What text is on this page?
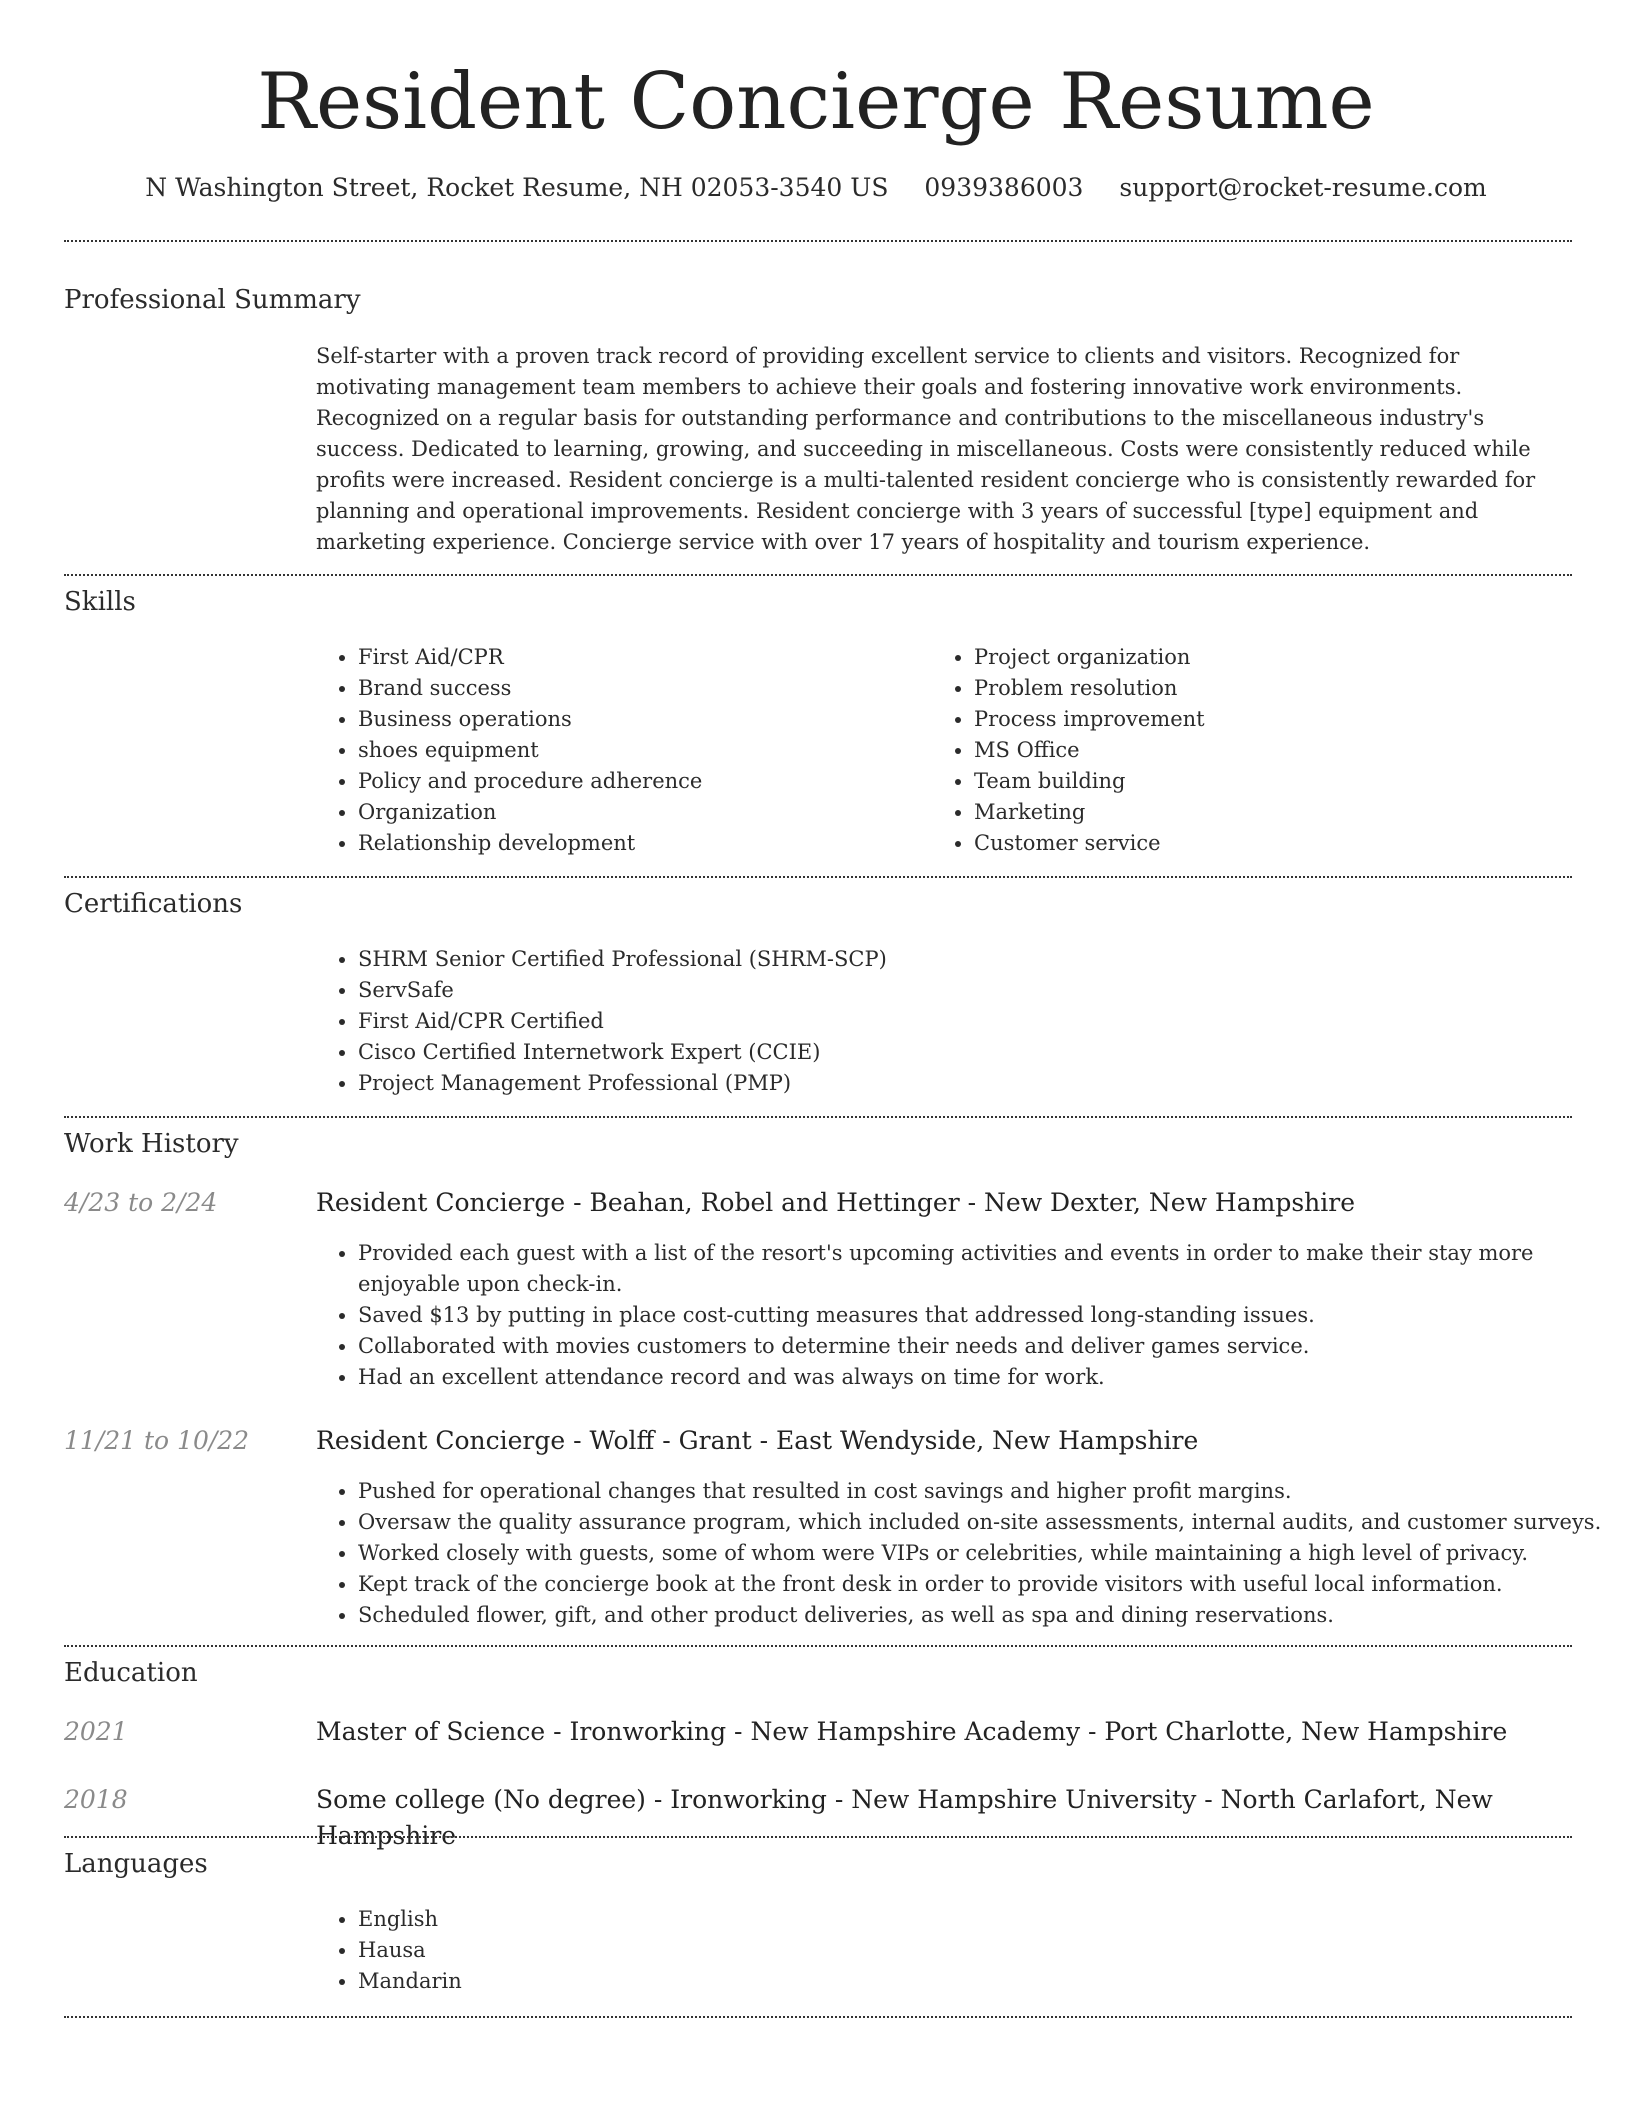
Resident Concierge Resume
N Washington Street, Rocket Resume, NH 02053-3540 US 0939386003 support@rocket-resume.com
Professional Summary

Self-starter with a proven track record of providing excellent service to clients and visitors. Recognized for motivating management team members to achieve their goals and fostering innovative work environments. Recognized on a regular basis for outstanding performance and contributions to the miscellaneous industry's success. Dedicated to learning, growing, and succeeding in miscellaneous. Costs were consistently reduced while profits were increased. Resident concierge is a multi-talented resident concierge who is consistently rewarded for planning and operational improvements. Resident concierge with 3 years of successful [type] equipment and marketing experience. Concierge service with over 17 years of hospitality and tourism experience.

Skills
• First Aid/CPR
• Brand success
• Business operations
• shoes equipment
• Policy and procedure adherence
• Organization
• Relationship development
• Project organization
• Problem resolution
• Process improvement
• MS Office
• Team building
• Marketing
• Customer service
Certifications
• SHRM Senior Certified Professional (SHRM-SCP)
• ServSafe
• First Aid/CPR Certified
• Cisco Certified Internetwork Expert (CCIE)
• Project Management Professional (PMP)
Work History
4/23 to 2/24	Resident Concierge - Beahan, Robel and Hettinger - New Dexter, New Hampshire
• Provided each guest with a list of the resort's upcoming activities and events in order to make their stay more enjoyable upon check-in.
• Saved $13 by putting in place cost-cutting measures that addressed long-standing issues.
• Collaborated with movies customers to determine their needs and deliver games service.
• Had an excellent attendance record and was always on time for work.
11/21 to 10/22	Resident Concierge - Wolff - Grant - East Wendyside, New Hampshire
• Pushed for operational changes that resulted in cost savings and higher profit margins.
• Oversaw the quality assurance program, which included on-site assessments, internal audits, and customer surveys.
• Worked closely with guests, some of whom were VIPs or celebrities, while maintaining a high level of privacy.
• Kept track of the concierge book at the front desk in order to provide visitors with useful local information.
• Scheduled flower, gift, and other product deliveries, as well as spa and dining reservations.
Education
2021	Master of Science - Ironworking - New Hampshire Academy - Port Charlotte, New Hampshire
2018	Some college (No degree) - Ironworking - New Hampshire University - North Carlafort, New Hampshire
Languages
• English
• Hausa
• Mandarin
